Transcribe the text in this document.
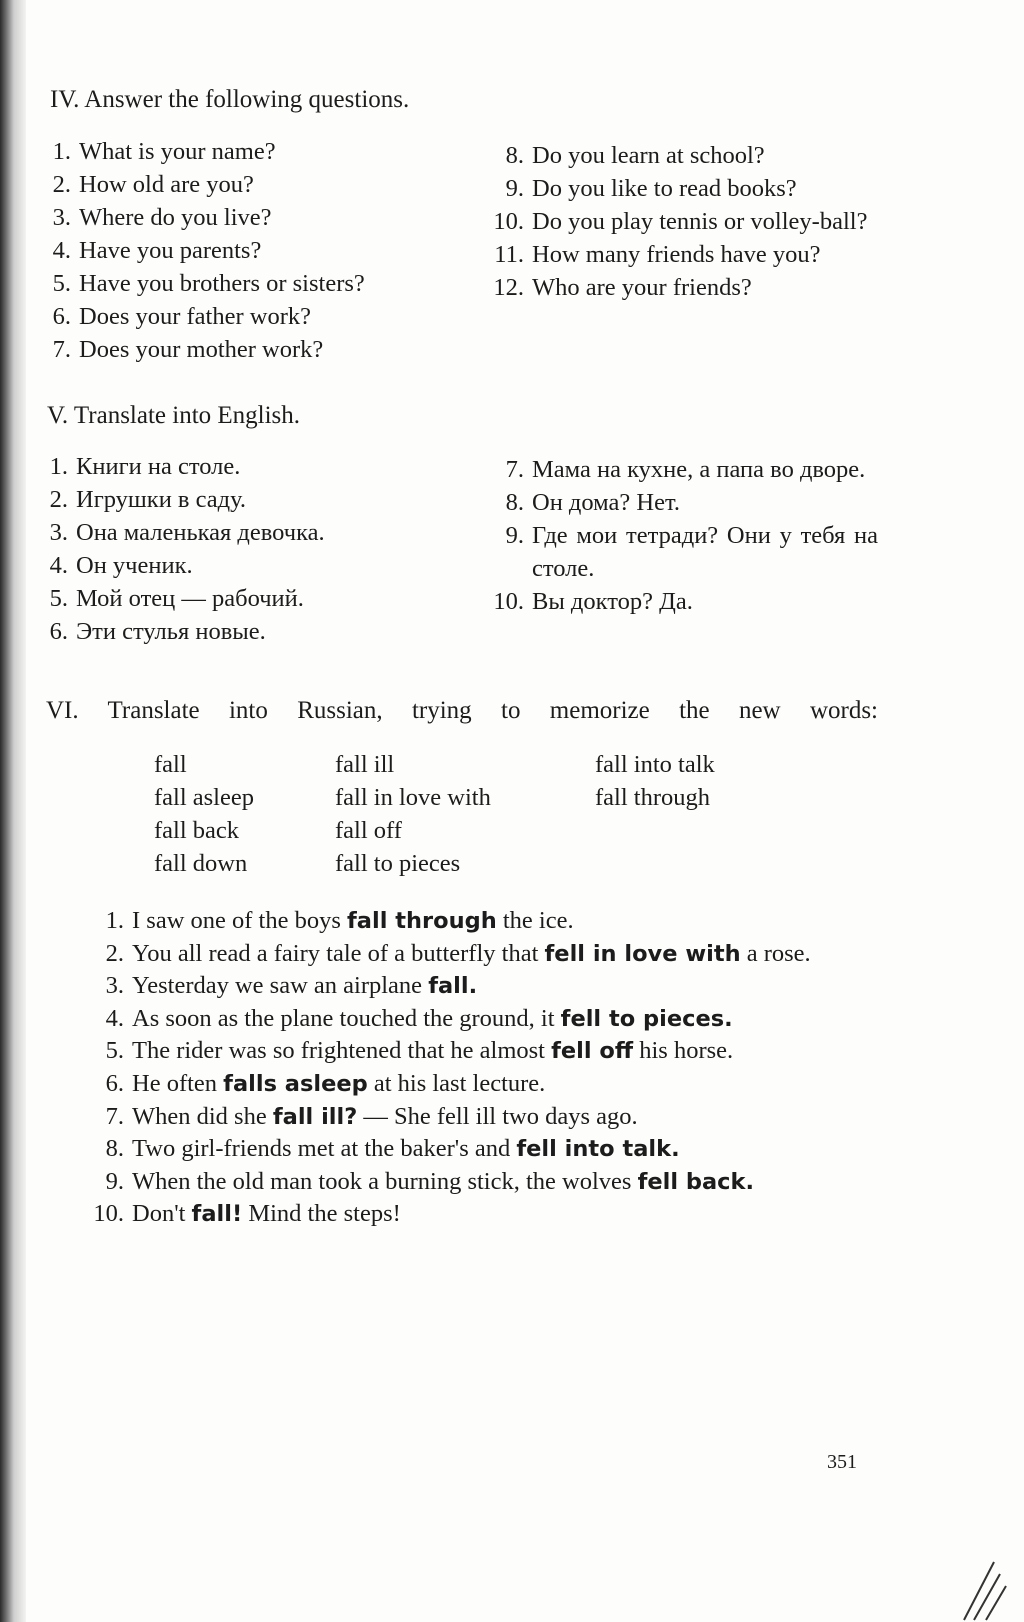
IV. Answer the following questions.
1. What is your name?
2. How old are you?
3. Where do you live?
4. Have you parents?
5. Have you brothers or sisters?
6. Does your father work?
7. Does your mother work?
8. Do you learn at school?
9. Do you like to read books?
10. Do you play tennis or volley-ball?
11. How many friends have you?
12. Who are your friends?
V. Translate into English.
1. Книги на столе.
2. Игрушки в саду.
3. Она маленькая девочка.
4. Он ученик.
5. Мой отец — рабочий.
6. Эти стулья новые.
7. Мама на кухне, а папа во дворе.
8. Он дома? Нет.
9. Где мои тетради? Они у тебя на столе.
10. Вы доктор? Да.
VI. Translate into Russian, trying to memorize the new words:
fall
fall asleep
fall back
fall down
fall ill
fall in love with
fall off
fall to pieces
fall into talk
fall through
1. I saw one of the boys fall through the ice.
2. You all read a fairy tale of a butterfly that fell in love with a rose.
3. Yesterday we saw an airplane fall.
4. As soon as the plane touched the ground, it fell to pieces.
5. The rider was so frightened that he almost fell off his horse.
6. He often falls asleep at his last lecture.
7. When did she fall ill? — She fell ill two days ago.
8. Two girl-friends met at the baker's and fell into talk.
9. When the old man took a burning stick, the wolves fell back.
10. Don't fall! Mind the steps!
351
